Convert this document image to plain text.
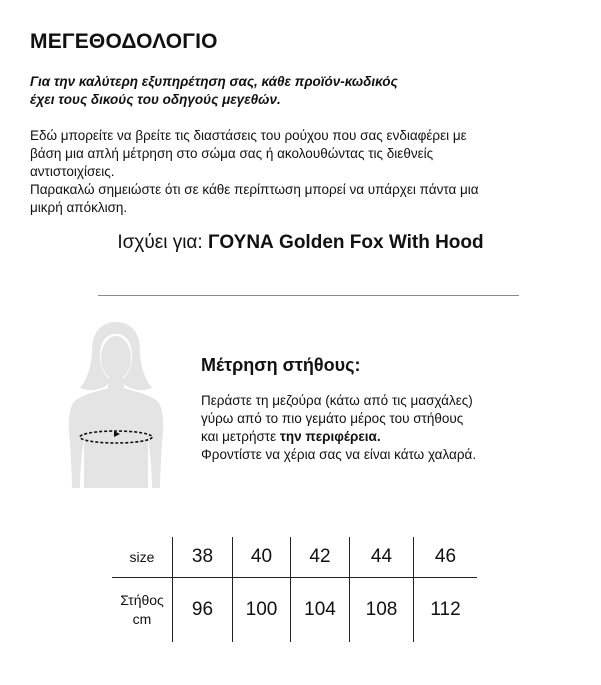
ΜΕΓΕΘΟΔΟΛΟΓΙΟ

Για την καλύτερη εξυπηρέτηση σας, κάθε προϊόν-κωδικός
έχει τους δικούς του οδηγούς μεγεθών.

Εδώ μπορείτε να βρείτε τις διαστάσεις του ρούχου που σας ενδιαφέρει με
βάση μια απλή μέτρηση στο σώμα σας ή ακολουθώντας τις διεθνείς
αντιστοιχίσεις.
Παρακαλώ σημειώστε ότι σε κάθε περίπτωση μπορεί να υπάρχει πάντα μια
μικρή απόκλιση.

Ισχύει για: ΓΟΥΝΑ Golden Fox With Hood

Μέτρηση στήθους:

Περάστε τη μεζούρα (κάτω από τις μασχάλες)
γύρω από το πιο γεμάτο μέρος του στήθους
και μετρήστε την περιφέρεια.
Φροντίστε να χέρια σας να είναι κάτω χαλαρά.

size	38	40	42	44	46
Στήθος
cm	96	100	104	108	112
